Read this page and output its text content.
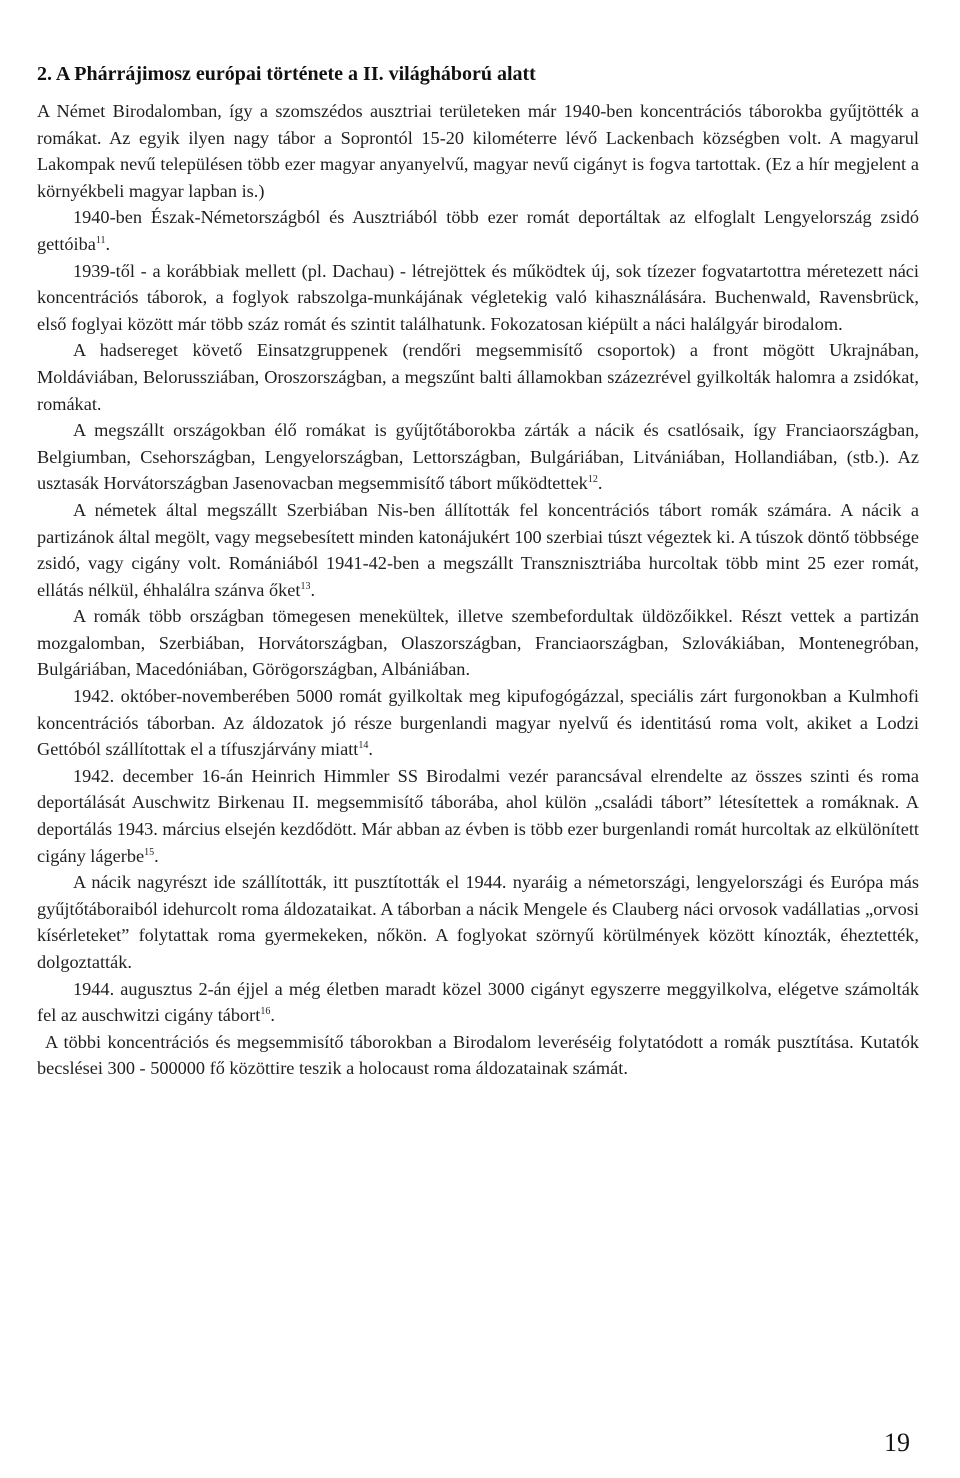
2. A Phárrájimosz európai története a II. világháború alatt

A Német Birodalomban, így a szomszédos ausztriai területeken már 1940-ben koncentrációs táborokba gyűjtötték a romákat. Az egyik ilyen nagy tábor a Soprontól 15-20 kilométerre lévő Lackenbach községben volt. A magyarul Lakompak nevű településen több ezer magyar anyanyelvű, magyar nevű cigányt is fogva tartottak. (Ez a hír megjelent a környékbeli magyar lapban is.)

1940-ben Észak-Németországból és Ausztriából több ezer romát deportáltak az elfoglalt Lengyelország zsidó gettóiba$^{11}$.

1939-től - a korábbiak mellett (pl. Dachau) - létrejöttek és működtek új, sok tízezer fogvatartottra méretezett náci koncentrációs táborok, a foglyok rabszolga-munkájának végletekig való kihasználására. Buchenwald, Ravensbrück, első foglyai között már több száz romát és szintit találhatunk. Fokozatosan kiépült a náci halálgyár birodalom.

A hadsereget követő Einsatzgruppenek (rendőri megsemmisítő csoportok) a front mögött Ukrajnában, Moldáviában, Belorussziában, Oroszországban, a megszűnt balti államokban százezrével gyilkolták halomra a zsidókat, romákat.

A megszállt országokban élő romákat is gyűjtőtáborokba zárták a nácik és csatlósaik, így Franciaországban, Belgiumban, Csehországban, Lengyelországban, Lettországban, Bulgáriában, Litvániában, Hollandiában, (stb.). Az usztasák Horvátországban Jasenovacban megsemmisítő tábort működtettek$^{12}$.

A németek által megszállt Szerbiában Nis-ben állították fel koncentrációs tábort romák számára. A nácik a partizánok által megölt, vagy megsebesített minden katonájukért 100 szerbiai túszt végeztek ki. A túszok döntő többsége zsidó, vagy cigány volt. Romániából 1941-42-ben a megszállt Transznisztriába hurcoltak több mint 25 ezer romát, ellátás nélkül, éhhalálra szánva őket$^{13}$.

A romák több országban tömegesen menekültek, illetve szembefordultak üldözőikkel. Részt vettek a partizán mozgalomban, Szerbiában, Horvátországban, Olaszországban, Franciaországban, Szlovákiában, Montenegróban, Bulgáriában, Macedóniában, Görögországban, Albániában.

1942. október-novemberében 5000 romát gyilkoltak meg kipufogógázzal, speciális zárt furgonokban a Kulmhofi koncentrációs táborban. Az áldozatok jó része burgenlandi magyar nyelvű és identitású roma volt, akiket a Lodzi Gettóból szállítottak el a tífuszjárvány miatt$^{14}$.

1942. december 16-án Heinrich Himmler SS Birodalmi vezér parancsával elrendelte az összes szinti és roma deportálását Auschwitz Birkenau II. megsemmisítő táborába, ahol külön „családi tábort” létesítettek a romáknak. A deportálás 1943. március elsején kezdődött. Már abban az évben is több ezer burgenlandi romát hurcoltak az elkülönített cigány lágerbe$^{15}$.

A nácik nagyrészt ide szállították, itt pusztították el 1944. nyaráig a németországi, lengyelországi és Európa más gyűjtőtáboraiból idehurcolt roma áldozataikat. A táborban a nácik Mengele és Clauberg náci orvosok vadállatias „orvosi kísérleteket” folytattak roma gyermekeken, nőkön. A foglyokat szörnyű körülmények között kínozták, éheztették, dolgoztatták.

1944. augusztus 2-án éjjel a még életben maradt közel 3000 cigányt egyszerre meggyilkolva, elégetve számolták fel az auschwitzi cigány tábort$^{16}$.

A többi koncentrációs és megsemmisítő táborokban a Birodalom leveréséig folytatódott a romák pusztítása. Kutatók becslései 300 - 500000 fő közöttire teszik a holocaust roma áldozatainak számát.

19
